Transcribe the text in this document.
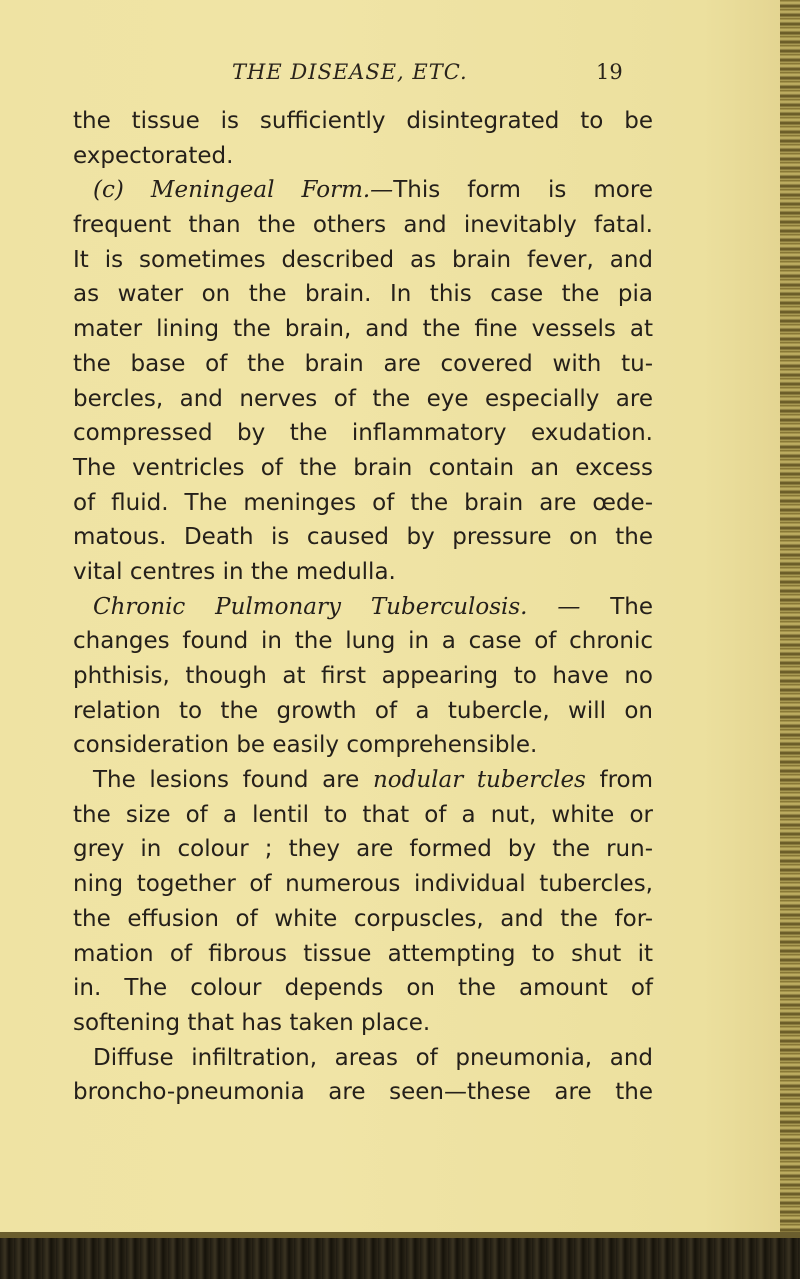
THE DISEASE, ETC.	19
the tissue is sufficiently disintegrated to be
expectorated.
(c) Meningeal Form.—This form is more
frequent than the others and inevitably fatal.
It is sometimes described as brain fever, and
as water on the brain. In this case the pia
mater lining the brain, and the fine vessels at
the base of the brain are covered with tu-
bercles, and nerves of the eye especially are
compressed by the inflammatory exudation.
The ventricles of the brain contain an excess
of fluid. The meninges of the brain are œde-
matous. Death is caused by pressure on the
vital centres in the medulla.
Chronic Pulmonary Tuberculosis. — The
changes found in the lung in a case of chronic
phthisis, though at first appearing to have no
relation to the growth of a tubercle, will on
consideration be easily comprehensible.
The lesions found are nodular tubercles from
the size of a lentil to that of a nut, white or
grey in colour ; they are formed by the run-
ning together of numerous individual tubercles,
the effusion of white corpuscles, and the for-
mation of fibrous tissue attempting to shut it
in. The colour depends on the amount of
softening that has taken place.
Diffuse infiltration, areas of pneumonia, and
broncho-pneumonia are seen—these are the
